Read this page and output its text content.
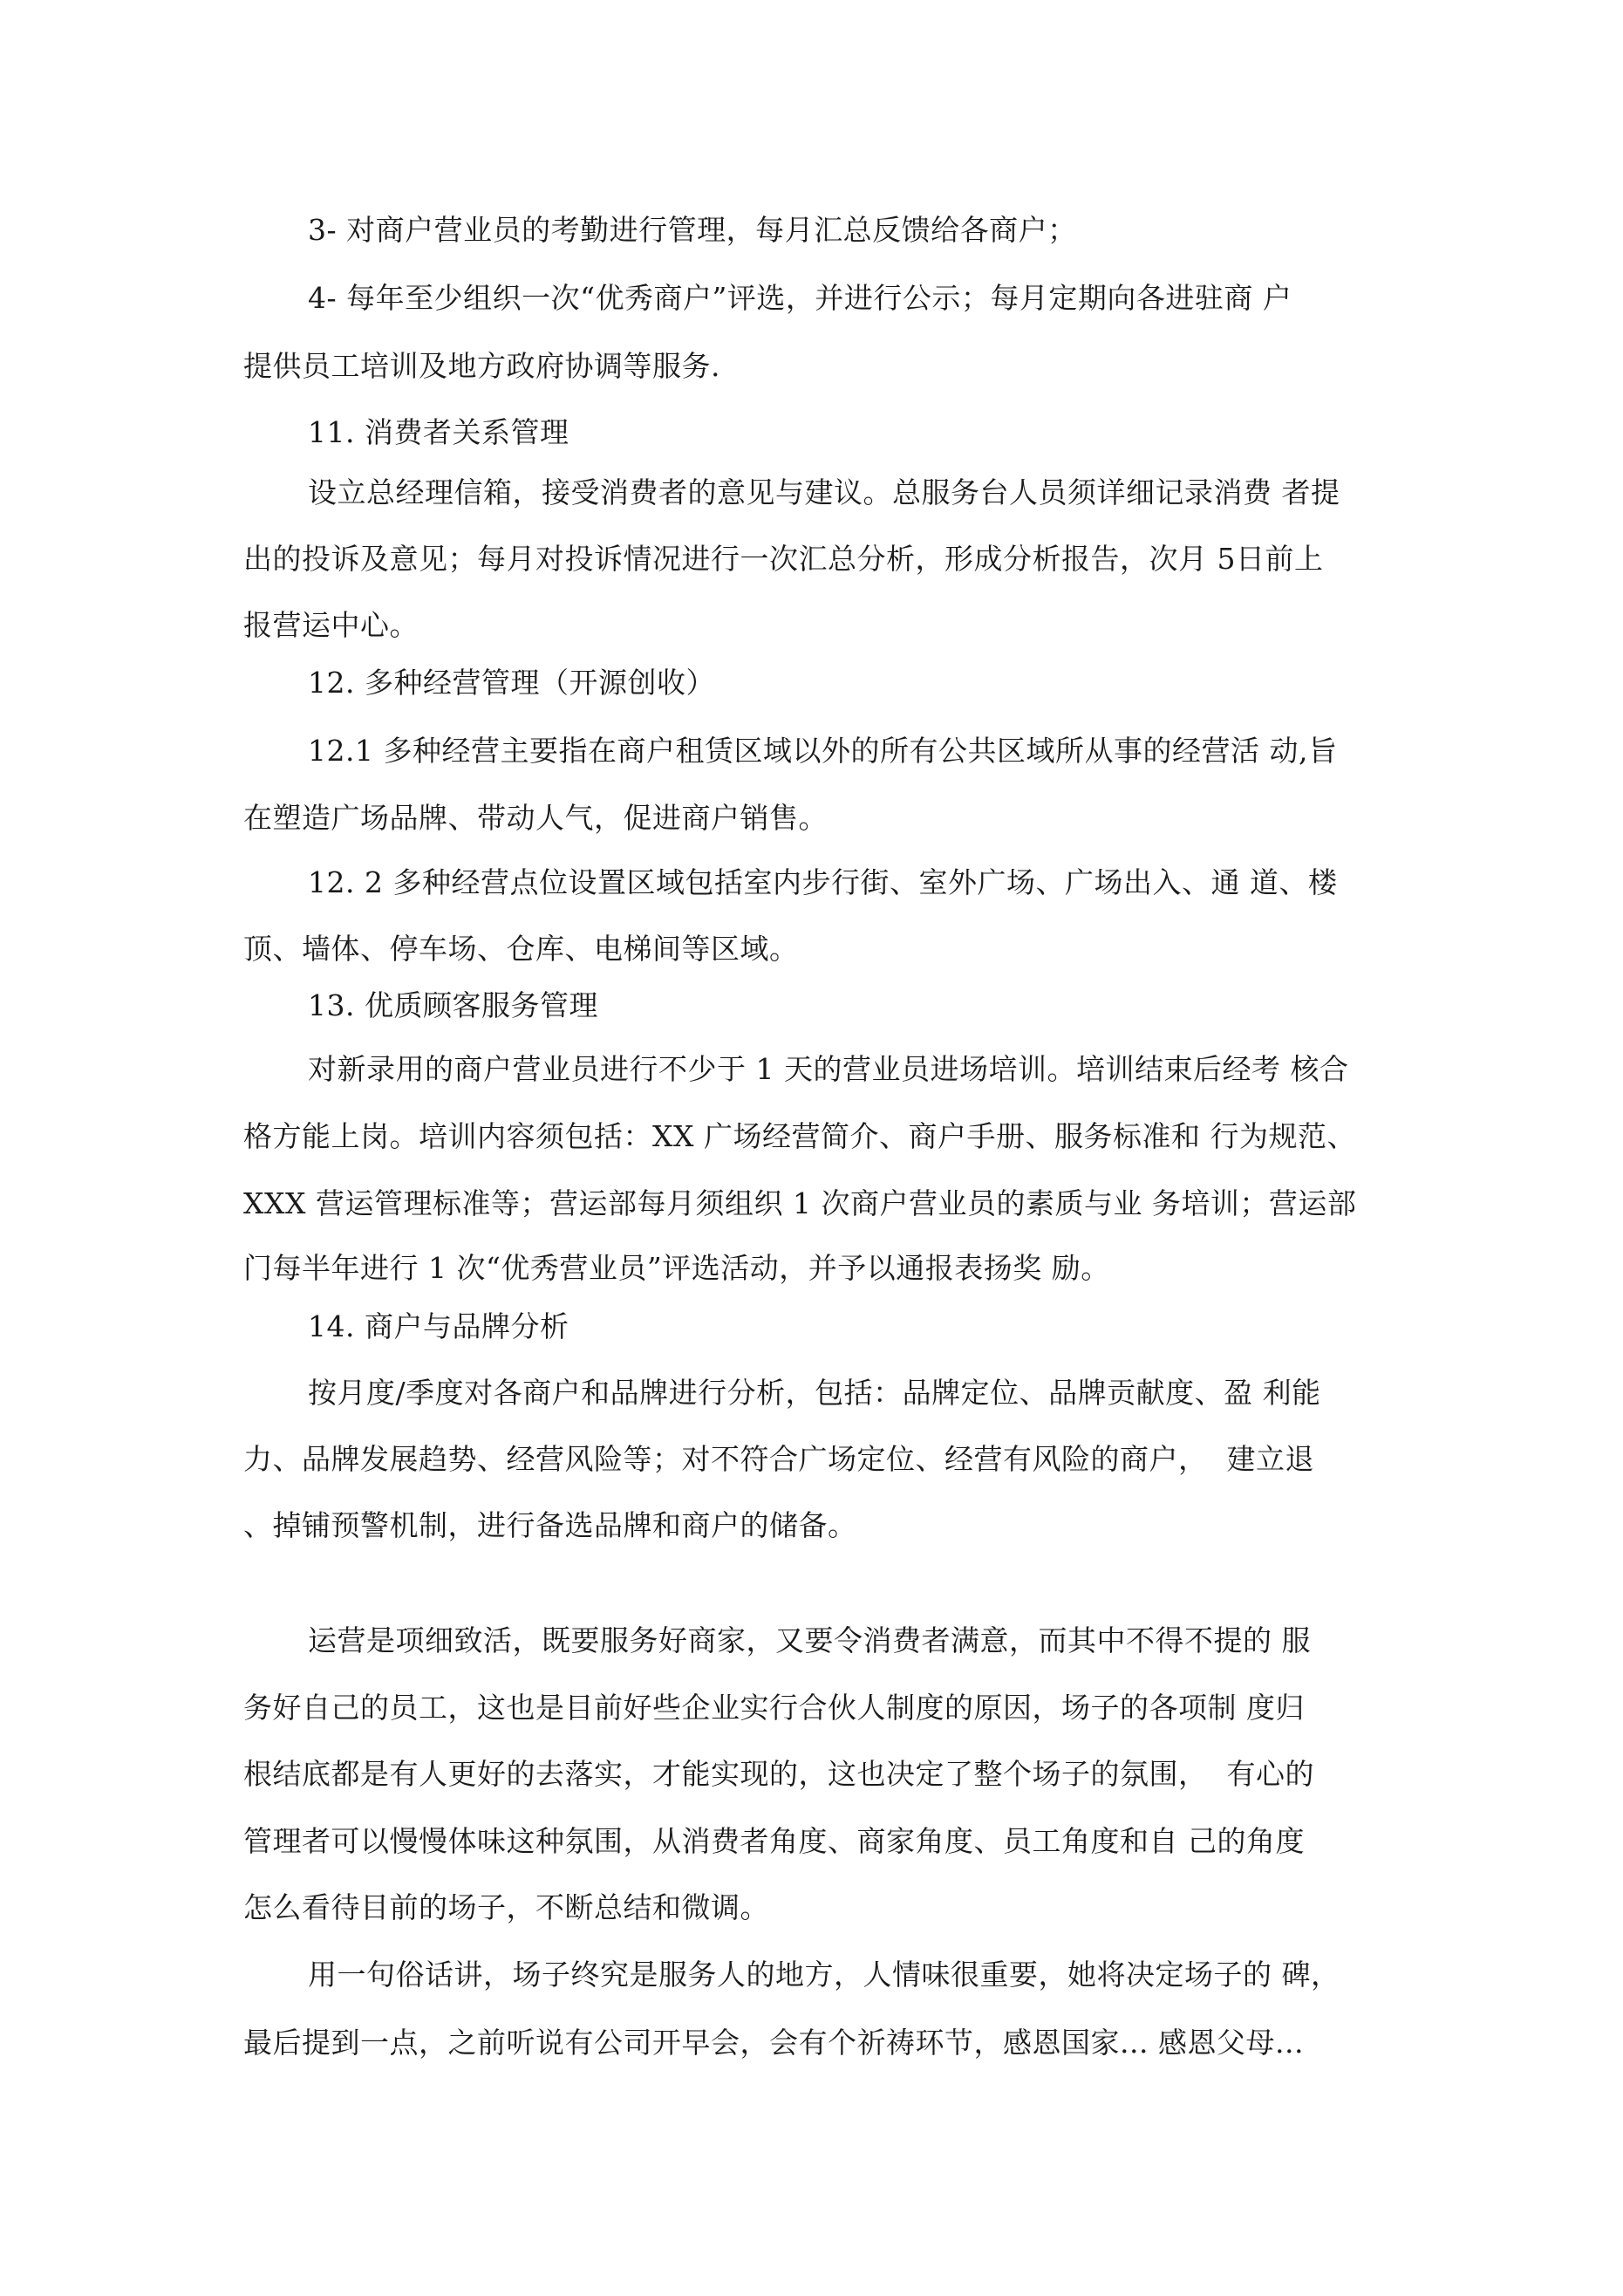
3- 对商户营业员的考勤进行管理，每月汇总反馈给各商户；
4- 每年至少组织一次“优秀商户”评选，并进行公示；每月定期向各进驻商 户
提供员工培训及地方政府协调等服务.
11. 消费者关系管理
设立总经理信箱，接受消费者的意见与建议。总服务台人员须详细记录消费 者提
出的投诉及意见；每月对投诉情况进行一次汇总分析，形成分析报告，次月 5日前上
报营运中心。
12. 多种经营管理（开源创收）
12.1 多种经营主要指在商户租赁区域以外的所有公共区域所从事的经营活 动,旨
在塑造广场品牌、带动人气，促进商户销售。
12. 2 多种经营点位设置区域包括室内步行街、室外广场、广场出入、通 道、楼
顶、墙体、停车场、仓库、电梯间等区域。
13. 优质顾客服务管理
对新录用的商户营业员进行不少于 1 天的营业员进场培训。培训结束后经考 核合
格方能上岗。培训内容须包括：XX 广场经营简介、商户手册、服务标准和 行为规范、
XXX 营运管理标准等；营运部每月须组织 1 次商户营业员的素质与业 务培训；营运部
门每半年进行 1 次“优秀营业员”评选活动，并予以通报表扬奖 励。
14. 商户与品牌分析
按月度/季度对各商户和品牌进行分析，包括：品牌定位、品牌贡献度、盈 利能
力、品牌发展趋势、经营风险等；对不符合广场定位、经营有风险的商户，  建立退
、掉铺预警机制，进行备选品牌和商户的储备。
运营是项细致活，既要服务好商家，又要令消费者满意，而其中不得不提的 服
务好自己的员工，这也是目前好些企业实行合伙人制度的原因，场子的各项制 度归
根结底都是有人更好的去落实，才能实现的，这也决定了整个场子的氛围，  有心的
管理者可以慢慢体味这种氛围，从消费者角度、商家角度、员工角度和自 己的角度
怎么看待目前的场子，不断总结和微调。
用一句俗话讲，场子终究是服务人的地方，人情味很重要，她将决定场子的 碑，
最后提到一点，之前听说有公司开早会，会有个祈祷环节，感恩国家... 感恩父母...
